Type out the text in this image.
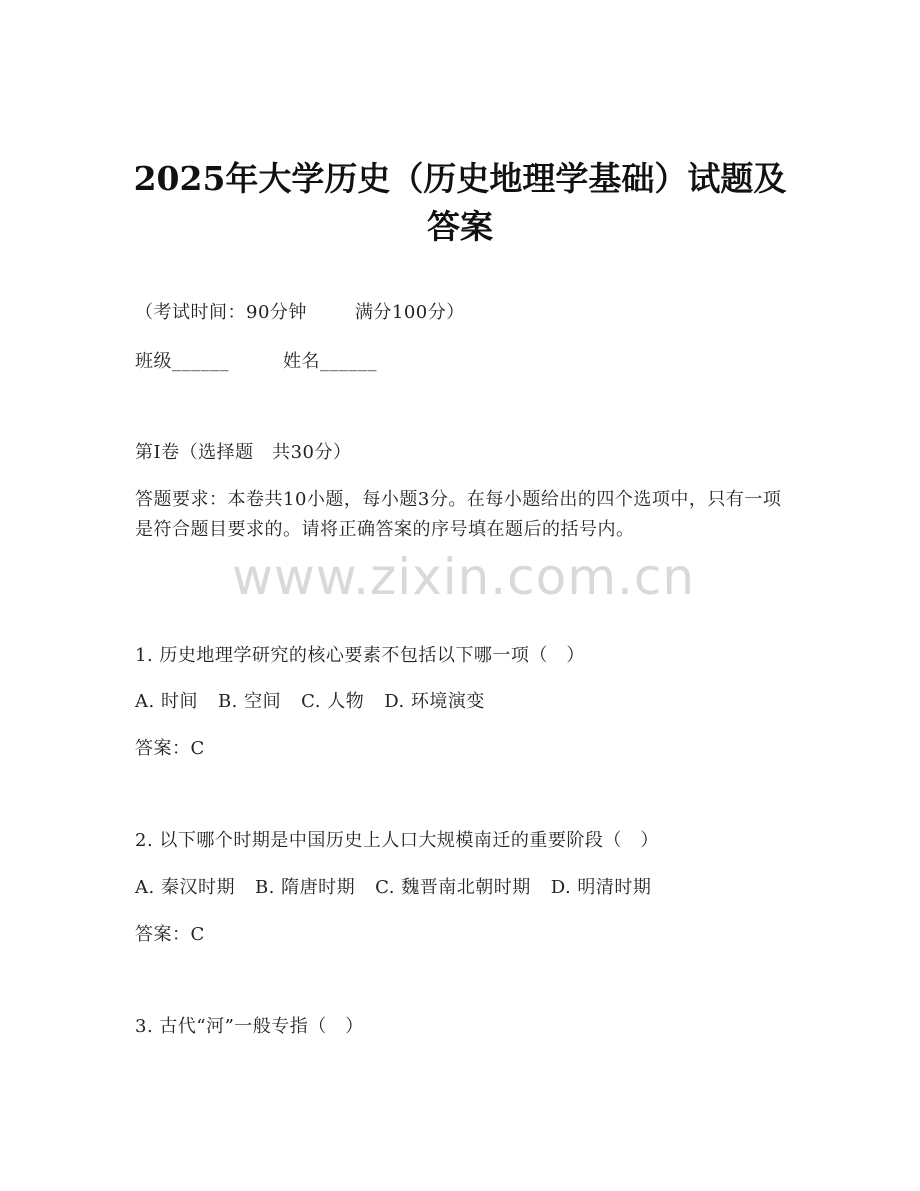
2025年大学历史（历史地理学基础）试题及
答案
（考试时间：90分钟	满分100分）
班级______	姓名______
第I卷（选择题　共30分）
答题要求：本卷共10小题，每小题3分。在每小题给出的四个选项中，只有一项是符合题目要求的。请将正确答案的序号填在题后的括号内。
1. 历史地理学研究的核心要素不包括以下哪一项（　）
A. 时间 B. 空间 C. 人物 D. 环境演变
答案：C
2. 以下哪个时期是中国历史上人口大规模南迁的重要阶段（　）
A. 秦汉时期 B. 隋唐时期 C. 魏晋南北朝时期 D. 明清时期
答案：C
3. 古代“河”一般专指（　）
www.zixin.com.cn
